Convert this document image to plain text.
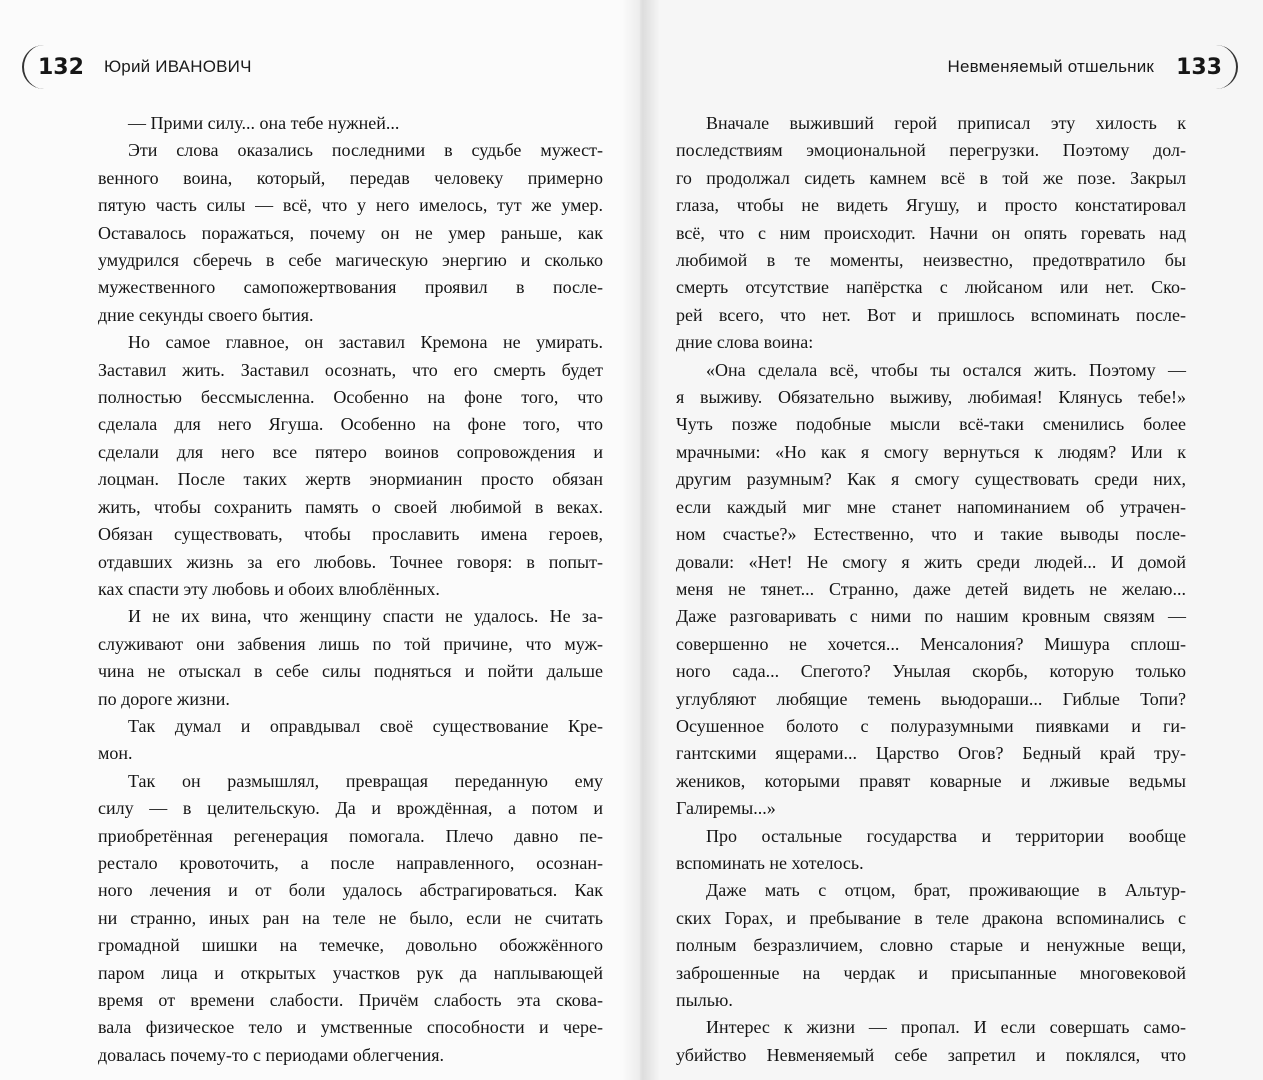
132	Юрий ИВАНОВИЧ
— Прими силу... она тебе нужней...
Эти слова оказались последними в судьбе мужест-
венного воина, который, передав человеку примерно
пятую часть силы — всё, что у него имелось, тут же умер.
Оставалось поражаться, почему он не умер раньше, как
умудрился сберечь в себе магическую энергию и сколько
мужественного самопожертвования проявил в после-
дние секунды своего бытия.
Но самое главное, он заставил Кремона не умирать.
Заставил жить. Заставил осознать, что его смерть будет
полностью бессмысленна. Особенно на фоне того, что
сделала для него Ягуша. Особенно на фоне того, что
сделали для него все пятеро воинов сопровождения и
лоцман. После таких жертв энормианин просто обязан
жить, чтобы сохранить память о своей любимой в веках.
Обязан существовать, чтобы прославить имена героев,
отдавших жизнь за его любовь. Точнее говоря: в попыт-
ках спасти эту любовь и обоих влюблённых.
И не их вина, что женщину спасти не удалось. Не за-
служивают они забвения лишь по той причине, что муж-
чина не отыскал в себе силы подняться и пойти дальше
по дороге жизни.
Так думал и оправдывал своё существование Кре-
мон.
Так он размышлял, превращая переданную ему
силу — в целительскую. Да и врождённая, а потом и
приобретённая регенерация помогала. Плечо давно пе-
рестало кровоточить, а после направленного, осознан-
ного лечения и от боли удалось абстрагироваться. Как
ни странно, иных ран на теле не было, если не считать
громадной шишки на темечке, довольно обожжённого
паром лица и открытых участков рук да наплывающей
время от времени слабости. Причём слабость эта скова-
вала физическое тело и умственные способности и чере-
довалась почему-то с периодами облегчения.
Невменяемый отшельник	133
Вначале выживший герой приписал эту хилость к
последствиям эмоциональной перегрузки. Поэтому дол-
го продолжал сидеть камнем всё в той же позе. Закрыл
глаза, чтобы не видеть Ягушу, и просто констатировал
всё, что с ним происходит. Начни он опять горевать над
любимой в те моменты, неизвестно, предотвратило бы
смерть отсутствие напёрстка с люйсаном или нет. Ско-
рей всего, что нет. Вот и пришлось вспоминать после-
дние слова воина:
«Она сделала всё, чтобы ты остался жить. Поэтому —
я выживу. Обязательно выживу, любимая! Клянусь тебе!»
Чуть позже подобные мысли всё-таки сменились более
мрачными: «Но как я смогу вернуться к людям? Или к
другим разумным? Как я смогу существовать среди них,
если каждый миг мне станет напоминанием об утрачен-
ном счастье?» Естественно, что и такие выводы после-
довали: «Нет! Не смогу я жить среди людей... И домой
меня не тянет... Странно, даже детей видеть не желаю...
Даже разговаривать с ними по нашим кровным связям —
совершенно не хочется... Менсалония? Мишура сплош-
ного сада... Спегото? Унылая скорбь, которую только
углубляют любящие темень вьюдораши... Гиблые Топи?
Осушенное болото с полуразумными пиявками и ги-
гантскими ящерами... Царство Огов? Бедный край тру-
жеников, которыми правят коварные и лживые ведьмы
Галиремы...»
Про остальные государства и территории вообще
вспоминать не хотелось.
Даже мать с отцом, брат, проживающие в Альтур-
ских Горах, и пребывание в теле дракона вспоминались с
полным безразличием, словно старые и ненужные вещи,
заброшенные на чердак и присыпанные многовековой
пылью.
Интерес к жизни — пропал. И если совершать само-
убийство Невменяемый себе запретил и поклялся, что
